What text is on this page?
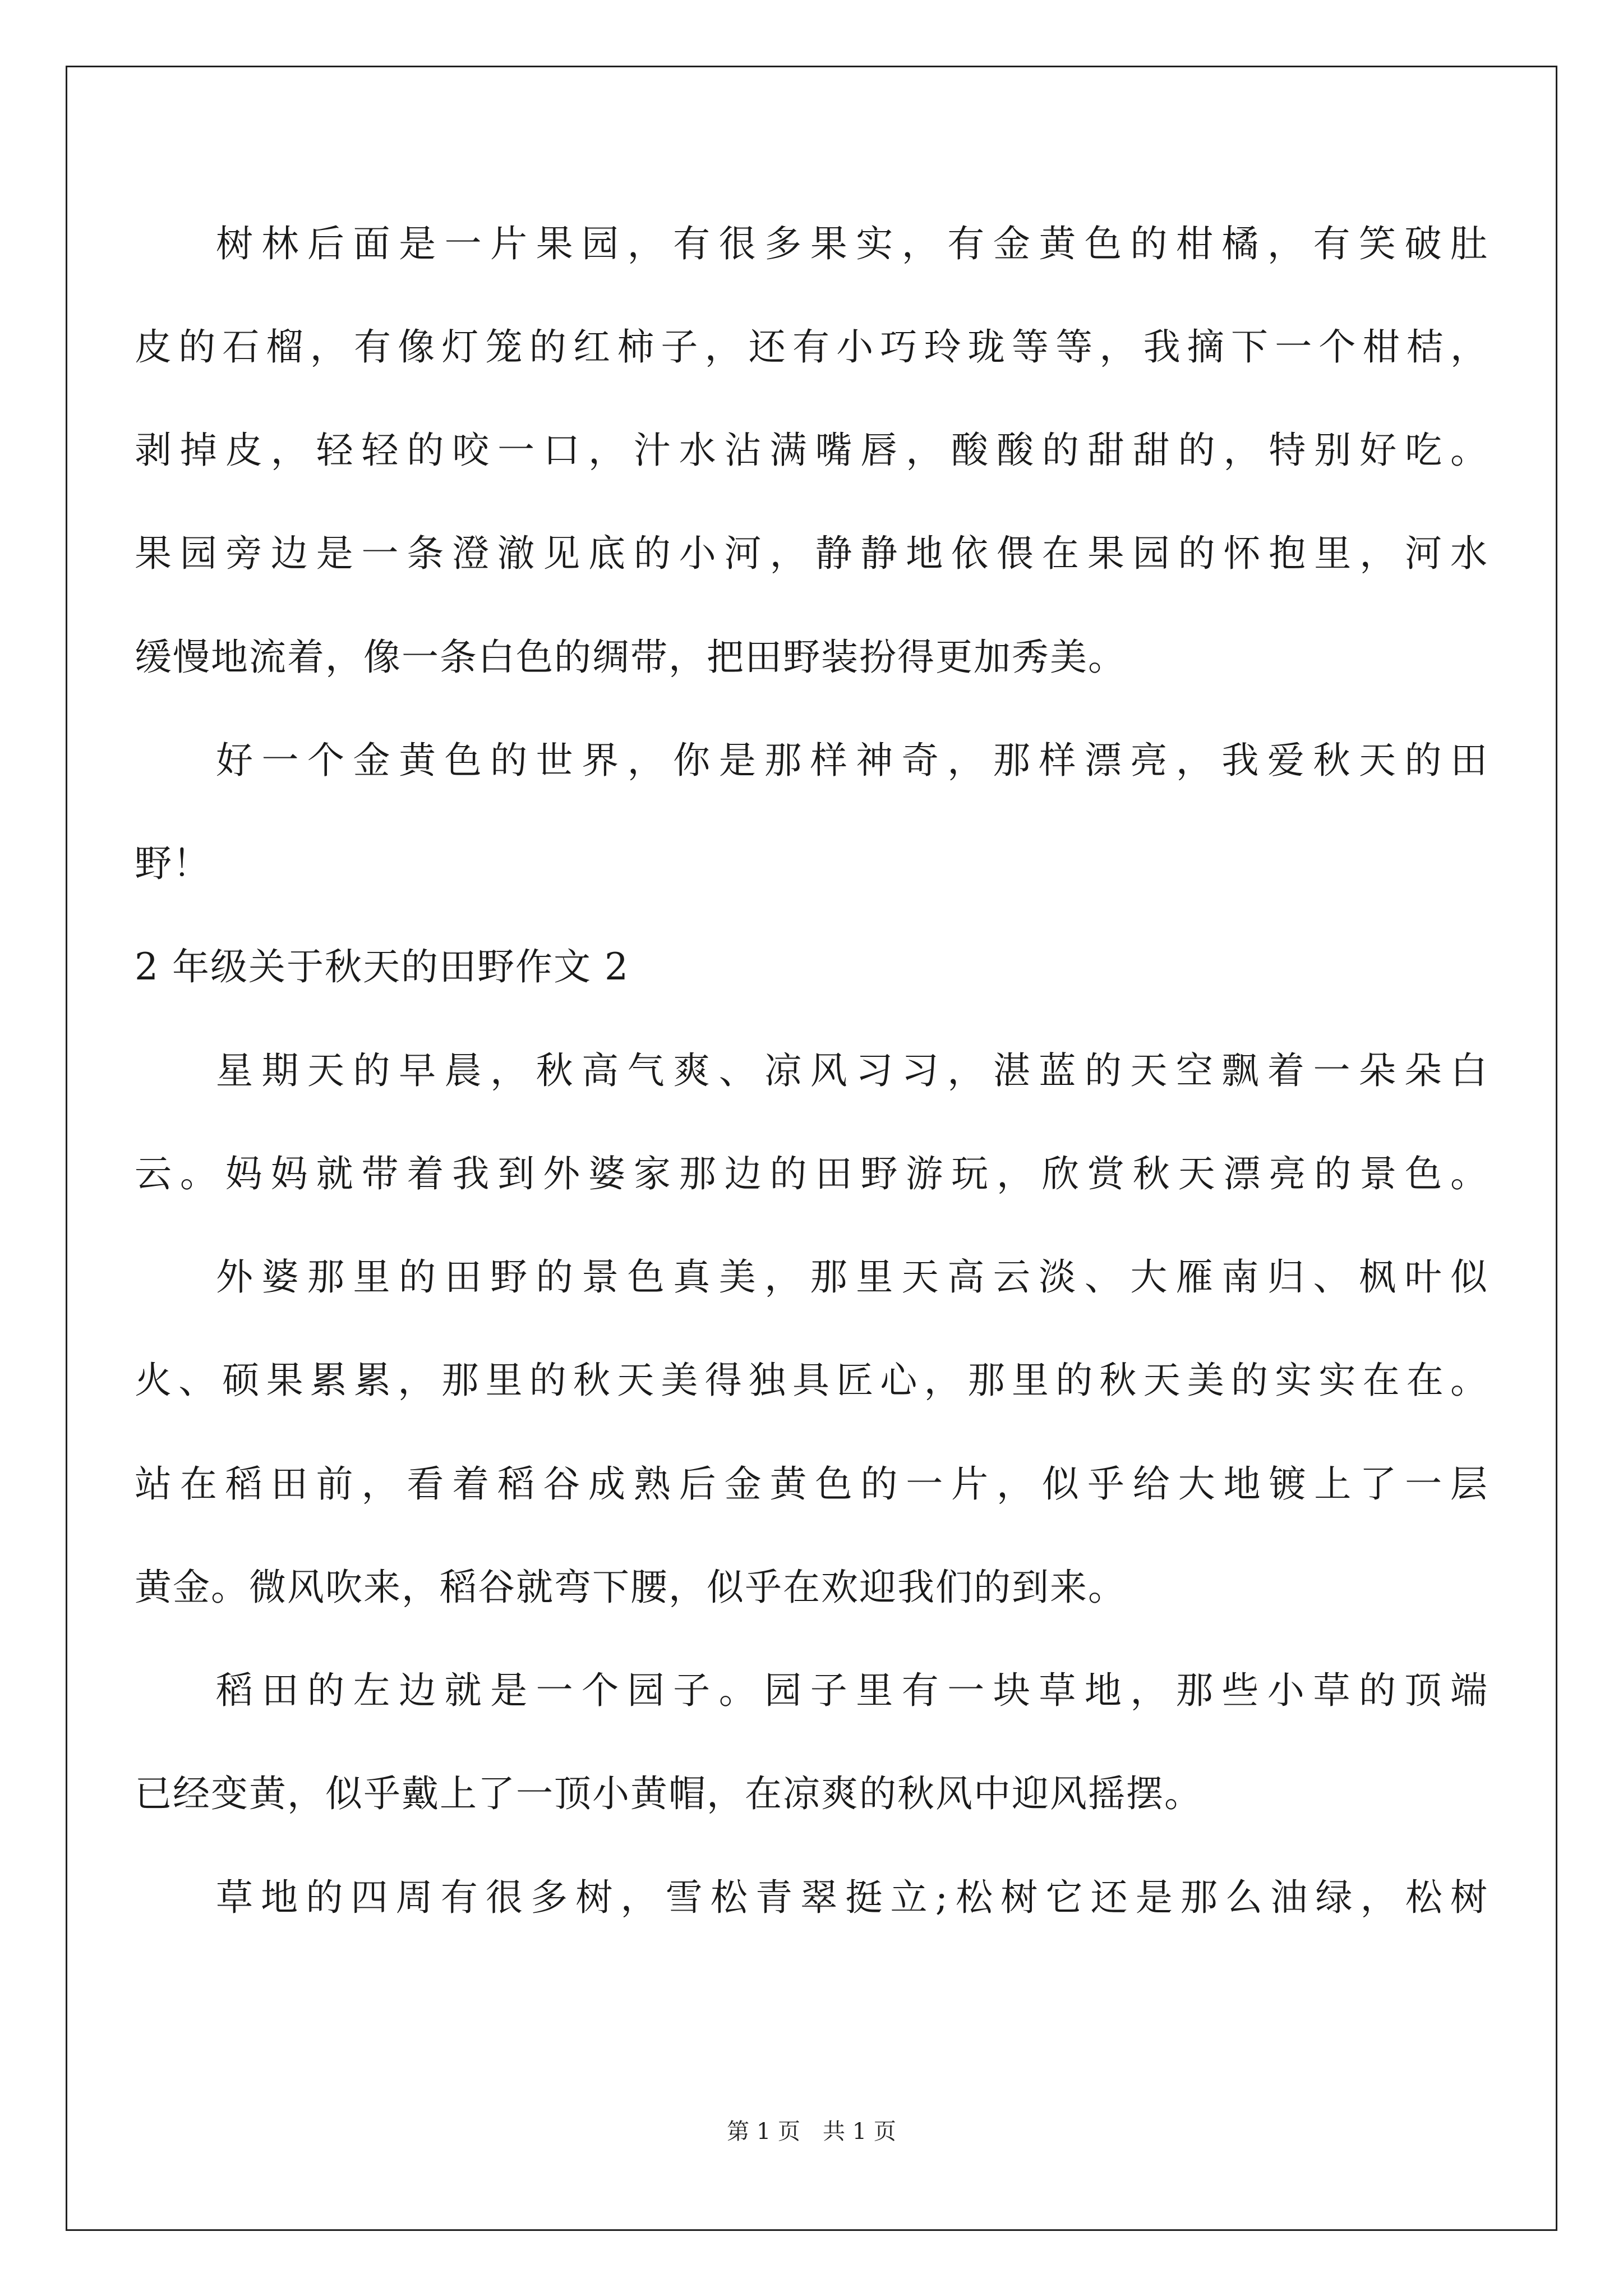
树林后面是一片果园，有很多果实，有金黄色的柑橘，有笑破肚
皮的石榴，有像灯笼的红柿子，还有小巧玲珑等等，我摘下一个柑桔，
剥掉皮，轻轻的咬一口，汁水沾满嘴唇，酸酸的甜甜的，特别好吃。
果园旁边是一条澄澈见底的小河，静静地依偎在果园的怀抱里，河水
缓慢地流着，像一条白色的绸带，把田野装扮得更加秀美。
好一个金黄色的世界，你是那样神奇，那样漂亮，我爱秋天的田
野！
2 年级关于秋天的田野作文 2
星期天的早晨，秋高气爽、凉风习习，湛蓝的天空飘着一朵朵白
云。妈妈就带着我到外婆家那边的田野游玩，欣赏秋天漂亮的景色。
外婆那里的田野的景色真美，那里天高云淡、大雁南归、枫叶似
火、硕果累累，那里的秋天美得独具匠心，那里的秋天美的实实在在。
站在稻田前，看着稻谷成熟后金黄色的一片，似乎给大地镀上了一层
黄金。微风吹来，稻谷就弯下腰，似乎在欢迎我们的到来。
稻田的左边就是一个园子。园子里有一块草地，那些小草的顶端
已经变黄，似乎戴上了一顶小黄帽，在凉爽的秋风中迎风摇摆。
草地的四周有很多树，雪松青翠挺立;松树它还是那么油绿，松树
第 1 页 共 1 页
